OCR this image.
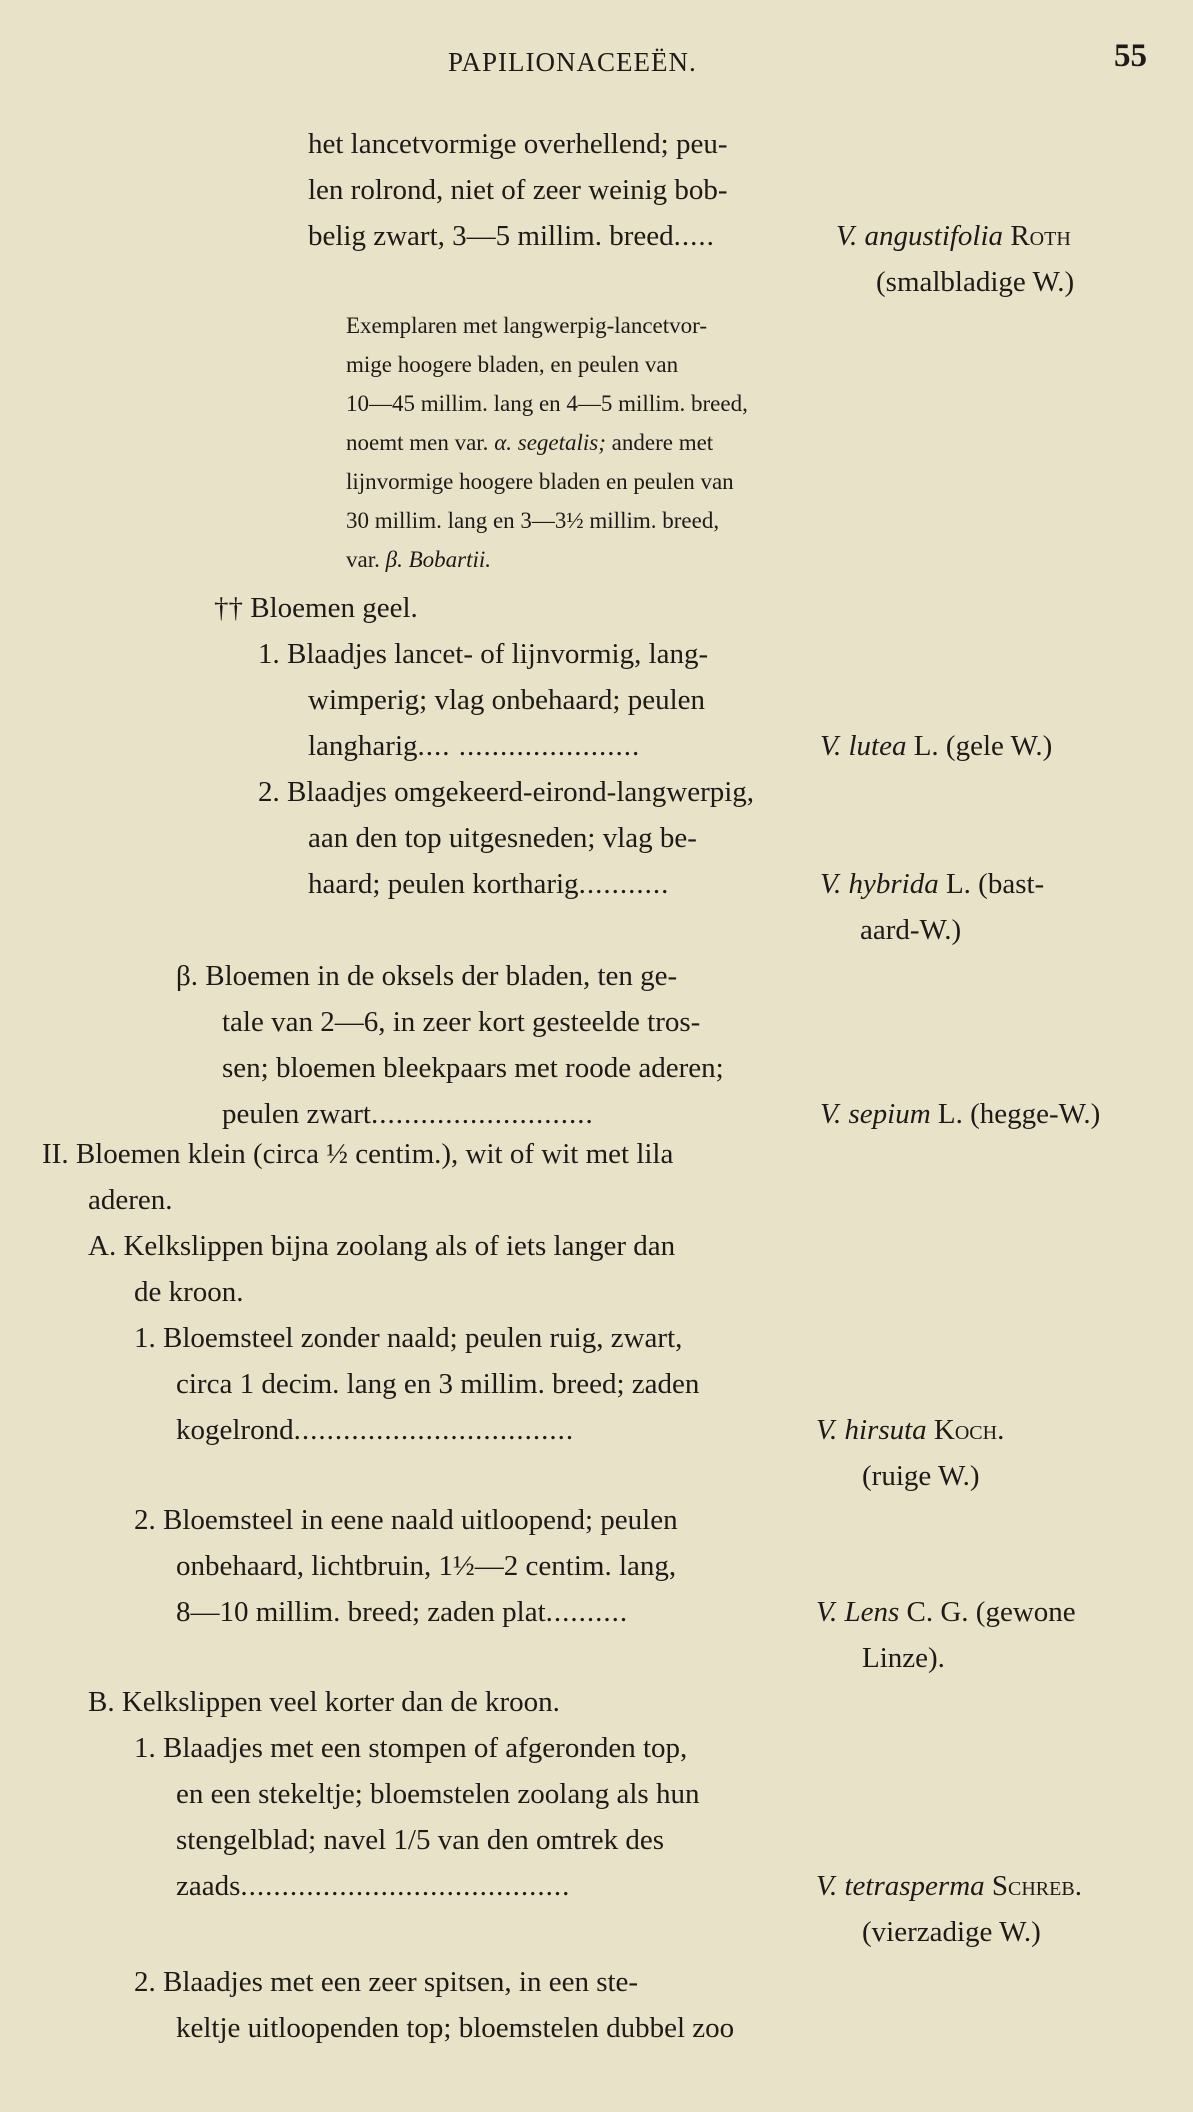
PAPILIONACEEËN.	55
het lancetvormige overhellend; peu-
len rolrond, niet of zeer weinig bob-
belig zwart, 3—5 millim. breed.....	V. angustifolia Roth
(smalbladige W.)
Exemplaren met langwerpig-lancetvor-
mige hoogere bladen, en peulen van
10—45 millim. lang en 4—5 millim. breed,
noemt men var. α. segetalis; andere met
lijnvormige hoogere bladen en peulen van
30 millim. lang en 3—3½ millim. breed,
var. β. Bobartii.
†† Bloemen geel.
1. Blaadjes lancet- of lijnvormig, lang-
wimperig; vlag onbehaard; peulen
langharig.... ......................	V. lutea L. (gele W.)
2. Blaadjes omgekeerd-eirond-langwerpig,
aan den top uitgesneden; vlag be-
haard; peulen kortharig...........	V. hybrida L. (bast-
aard-W.)
β. Bloemen in de oksels der bladen, ten ge-
tale van 2—6, in zeer kort gesteelde tros-
sen; bloemen bleekpaars met roode aderen;
peulen zwart...........................	V. sepium L. (hegge-W.)
II. Bloemen klein (circa ½ centim.), wit of wit met lila
aderen.
A. Kelkslippen bijna zoolang als of iets langer dan
de kroon.
1. Bloemsteel zonder naald; peulen ruig, zwart,
circa 1 decim. lang en 3 millim. breed; zaden
kogelrond..................................	V. hirsuta Koch.
(ruige W.)
2. Bloemsteel in eene naald uitloopend; peulen
onbehaard, lichtbruin, 1½—2 centim. lang,
8—10 millim. breed; zaden plat..........	V. Lens C. G. (gewone
Linze).
B. Kelkslippen veel korter dan de kroon.
1. Blaadjes met een stompen of afgeronden top,
en een stekeltje; bloemstelen zoolang als hun
stengelblad; navel 1/5 van den omtrek des
zaads........................................	V. tetrasperma Schreb.
(vierzadige W.)
2. Blaadjes met een zeer spitsen, in een ste-
keltje uitloopenden top; bloemstelen dubbel zoo
